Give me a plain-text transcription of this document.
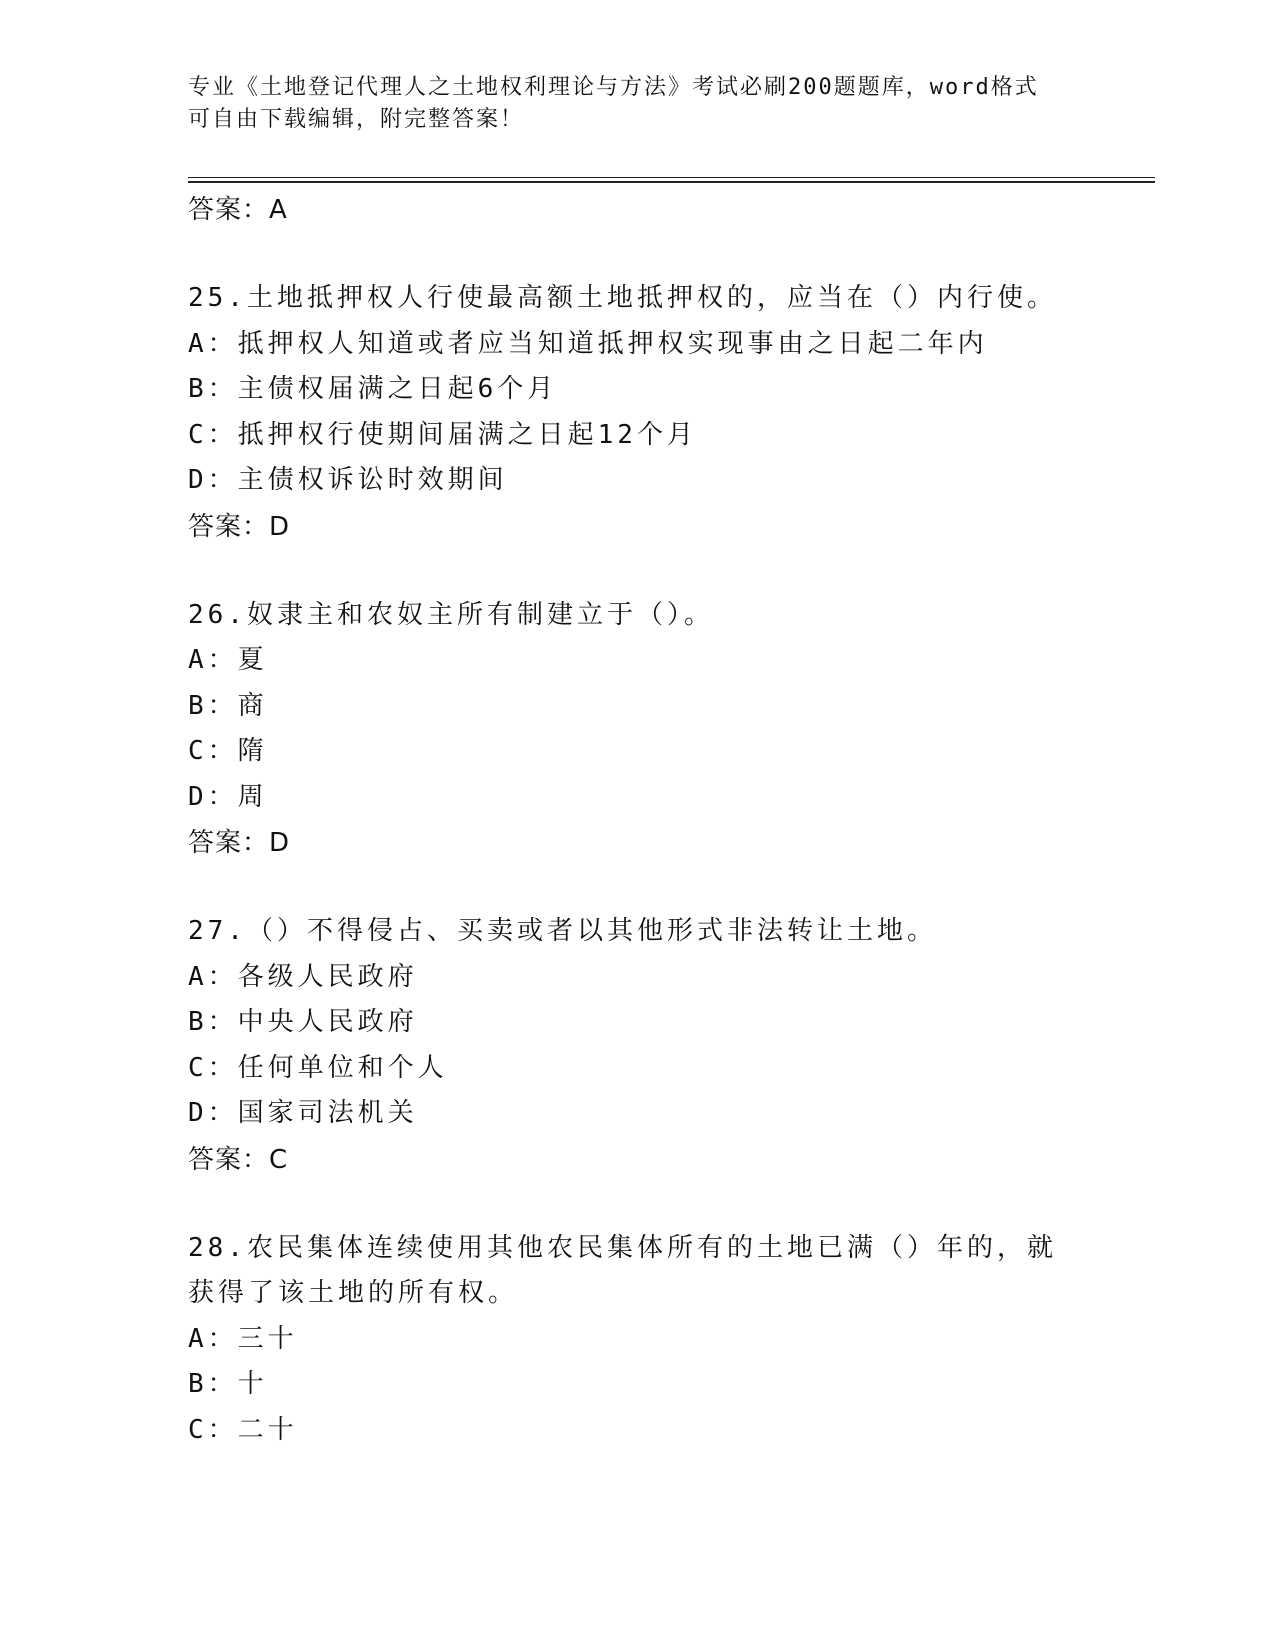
专业《土地登记代理人之土地权利理论与方法》考试必刷200题题库，word格式
可自由下载编辑，附完整答案！
答案：A
25.土地抵押权人行使最高额土地抵押权的，应当在（）内行使。
A：抵押权人知道或者应当知道抵押权实现事由之日起二年内
B：主债权届满之日起6个月
C：抵押权行使期间届满之日起12个月
D：主债权诉讼时效期间
答案：D
26.奴隶主和农奴主所有制建立于（）。
A：夏
B：商
C：隋
D：周
答案：D
27.（）不得侵占、买卖或者以其他形式非法转让土地。
A：各级人民政府
B：中央人民政府
C：任何单位和个人
D：国家司法机关
答案：C
28.农民集体连续使用其他农民集体所有的土地已满（）年的，就获得了该土地的所有权。
A：三十
B：十
C：二十
